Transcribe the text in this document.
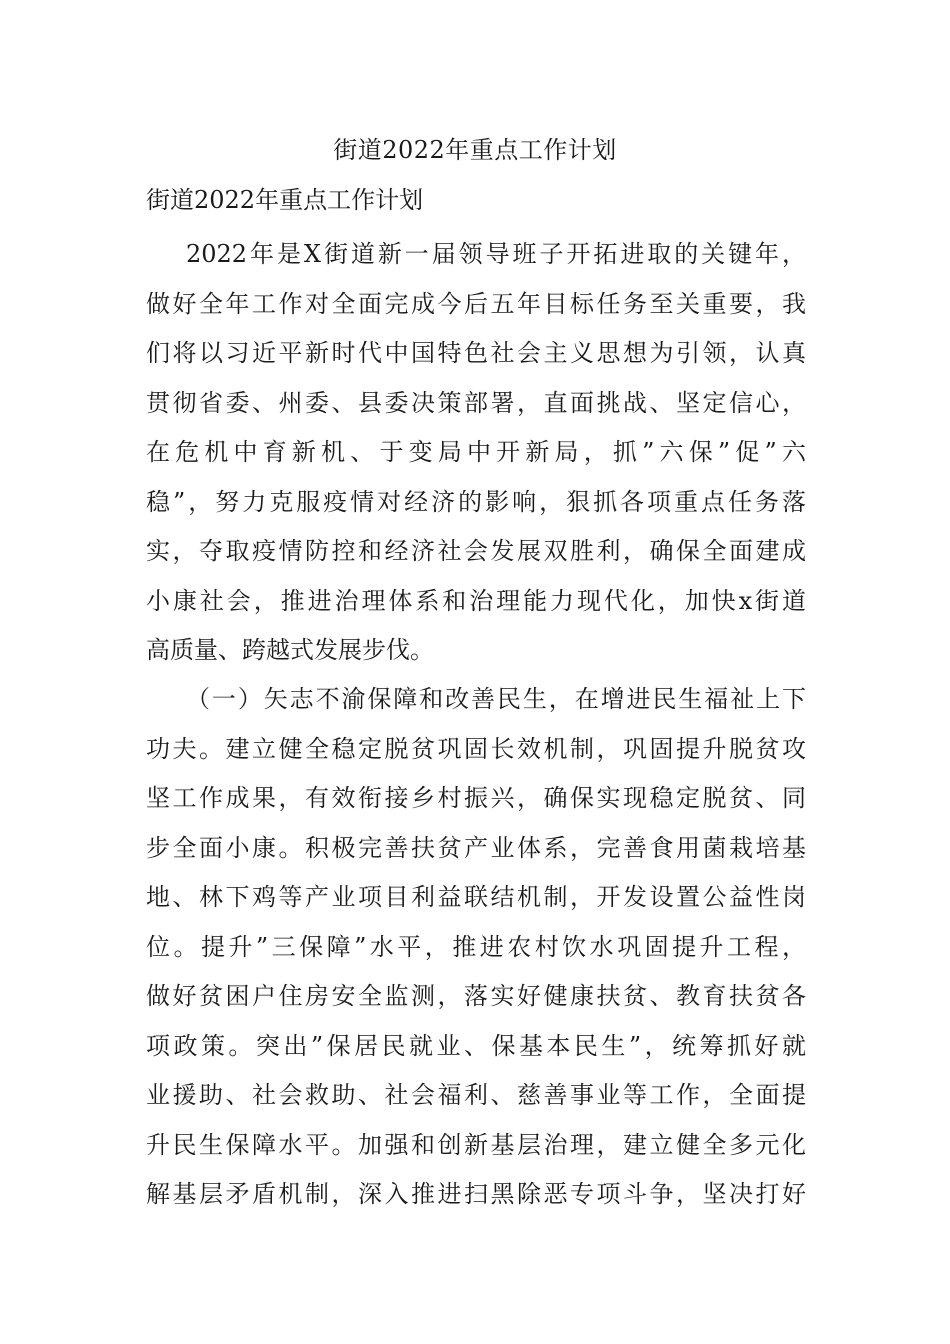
街道2022年重点工作计划
街道2022年重点工作计划
2022年是X街道新一届领导班子开拓进取的关键年，
做好全年工作对全面完成今后五年目标任务至关重要，我
们将以习近平新时代中国特色社会主义思想为引领，认真
贯彻省委、州委、县委决策部署，直面挑战、坚定信心，
在危机中育新机、于变局中开新局，抓”六保”促”六
稳”，努力克服疫情对经济的影响，狠抓各项重点任务落
实，夺取疫情防控和经济社会发展双胜利，确保全面建成
小康社会，推进治理体系和治理能力现代化，加快x街道
高质量、跨越式发展步伐。
（一）矢志不渝保障和改善民生，在增进民生福祉上下
功夫。建立健全稳定脱贫巩固长效机制，巩固提升脱贫攻
坚工作成果，有效衔接乡村振兴，确保实现稳定脱贫、同
步全面小康。积极完善扶贫产业体系，完善食用菌栽培基
地、林下鸡等产业项目利益联结机制，开发设置公益性岗
位。提升”三保障”水平，推进农村饮水巩固提升工程，
做好贫困户住房安全监测，落实好健康扶贫、教育扶贫各
项政策。突出”保居民就业、保基本民生”，统筹抓好就
业援助、社会救助、社会福利、慈善事业等工作，全面提
升民生保障水平。加强和创新基层治理，建立健全多元化
解基层矛盾机制，深入推进扫黑除恶专项斗争，坚决打好
